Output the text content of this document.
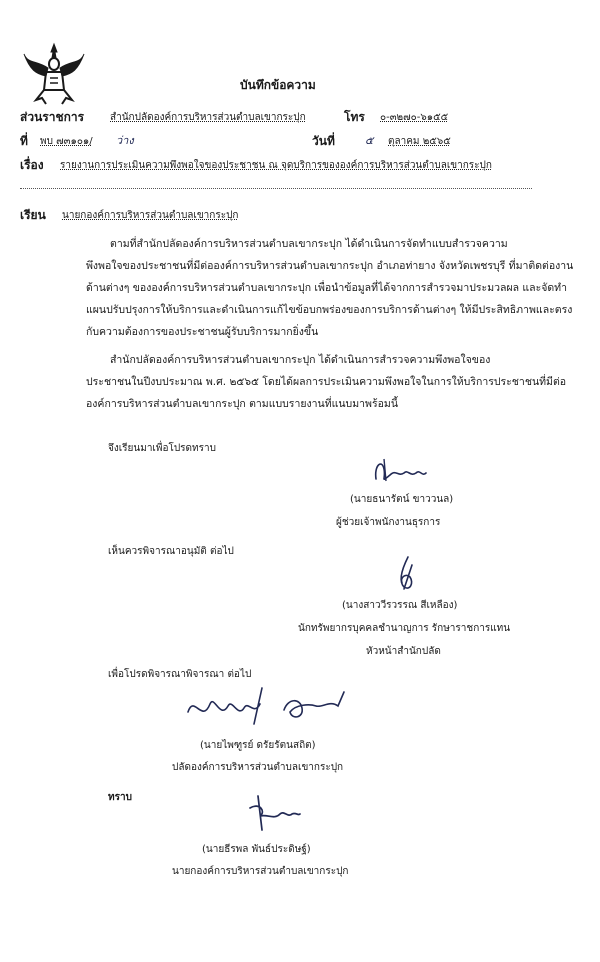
บันทึกข้อความ
ส่วนราชการ	สำนักปลัดองค์การบริหารส่วนตำบลเขากระปุก	โทร ๐-๓๒๗๐-๖๑๕๕
ที่ พบ ๗๓๑๐๑/ ว่าง	วันที่	๕ ตุลาคม ๒๕๖๕
เรื่อง รายงานการประเมินความพึงพอใจของประชาชน ณ จุดบริการขององค์การบริหารส่วนตำบลเขากระปุก
เรียน นายกองค์การบริหารส่วนตำบลเขากระปุก
ตามที่สำนักปลัดองค์การบริหารส่วนตำบลเขากระปุก ได้ดำเนินการจัดทำแบบสำรวจความ
พึงพอใจของประชาชนที่มีต่อองค์การบริหารส่วนตำบลเขากระปุก อำเภอท่ายาง จังหวัดเพชรบุรี ที่มาติดต่องาน
ด้านต่างๆ ขององค์การบริหารส่วนตำบลเขากระปุก เพื่อนำข้อมูลที่ได้จากการสำรวจมาประมวลผล และจัดทำ
แผนปรับปรุงการให้บริการและดำเนินการแก้ไขข้อบกพร่องของการบริการด้านต่างๆ ให้มีประสิทธิภาพและตรง
กับความต้องการของประชาชนผู้รับบริการมากยิ่งขึ้น
สำนักปลัดองค์การบริหารส่วนตำบลเขากระปุก ได้ดำเนินการสำรวจความพึงพอใจของ
ประชาชนในปีงบประมาณ พ.ศ. ๒๕๖๕ โดยได้ผลการประเมินความพึงพอใจในการให้บริการประชาชนที่มีต่อ
องค์การบริหารส่วนตำบลเขากระปุก ตามแบบรายงานที่แนบมาพร้อมนี้
จึงเรียนมาเพื่อโปรดทราบ
(นายธนารัตน์ ขาววนล)
ผู้ช่วยเจ้าพนักงานธุรการ
เห็นควรพิจารณาอนุมัติ ต่อไป
(นางสาววีรวรรณ สีเหลือง)
นักทรัพยากรบุคคลชำนาญการ รักษาราชการแทน
หัวหน้าสำนักปลัด
เพื่อโปรดพิจารณาพิจารณา ต่อไป
(นายไพฑูรย์ ดรัยรัตนสถิต)
ปลัดองค์การบริหารส่วนตำบลเขากระปุก
ทราบ
(นายธีรพล พันธ์ประดิษฐ์)
นายกองค์การบริหารส่วนตำบลเขากระปุก
